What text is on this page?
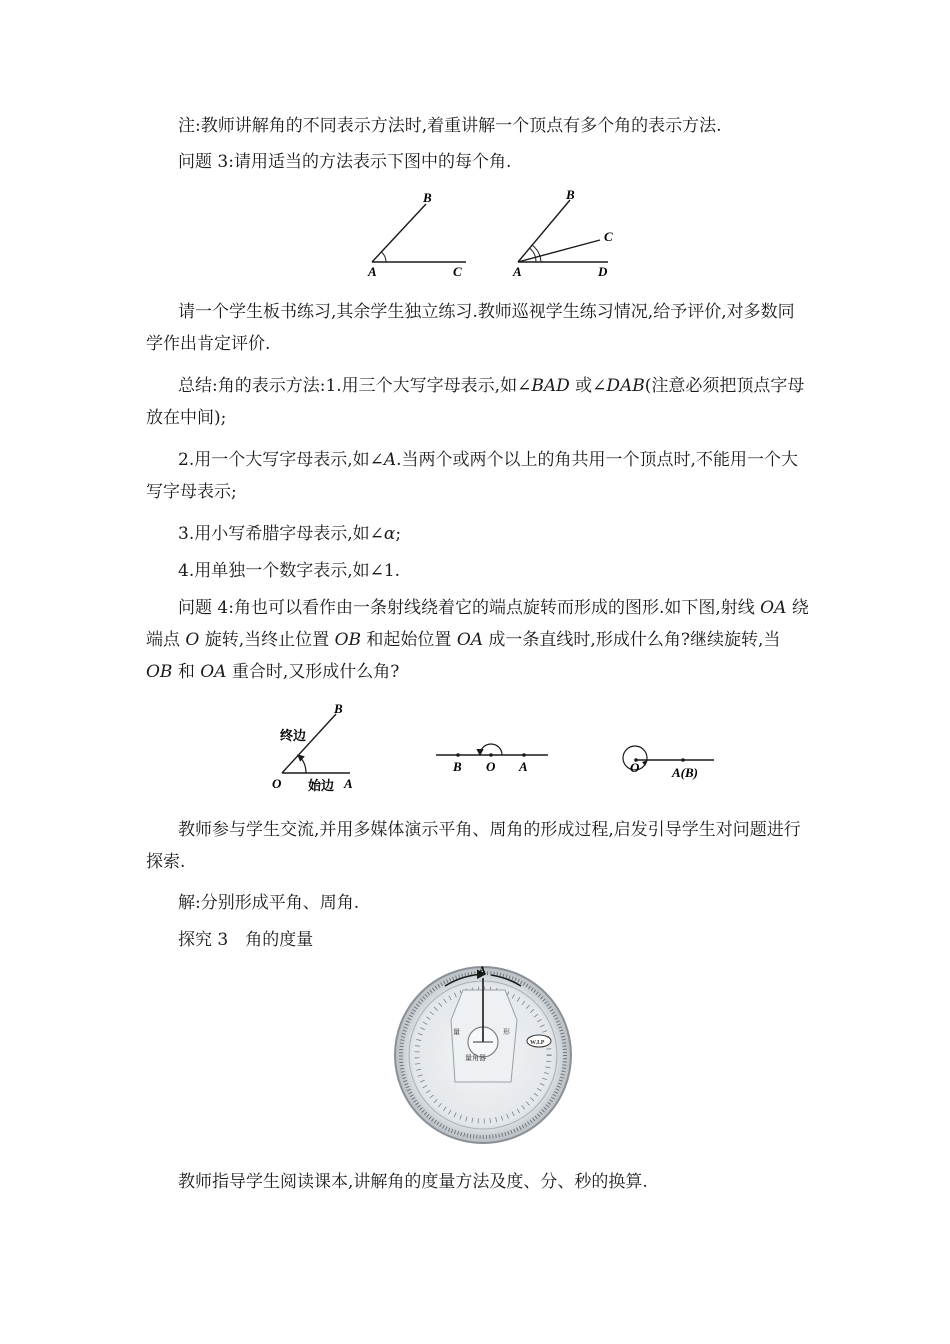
注:教师讲解角的不同表示方法时,着重讲解一个顶点有多个角的表示方法.

问题 3:请用适当的方法表示下图中的每个角.

B
A	C
B
C
A	D

请一个学生板书练习,其余学生独立练习.教师巡视学生练习情况,给予评价,对多数同学作出肯定评价.

总结:角的表示方法:1.用三个大写字母表示,如∠BAD 或∠DAB(注意必须把顶点字母放在中间);

2.用一个大写字母表示,如∠A.当两个或两个以上的角共用一个顶点时,不能用一个大写字母表示;

3.用小写希腊字母表示,如∠α;

4.用单独一个数字表示,如∠1.

问题 4:角也可以看作由一条射线绕着它的端点旋转而形成的图形.如下图,射线 OA 绕端点 O 旋转,当终止位置 OB 和起始位置 OA 成一条直线时,形成什么角?继续旋转,当 OB 和 OA 重合时,又形成什么角?

B
终边
O 始边 A
B O A	O	A(B)

教师参与学生交流,并用多媒体演示平角、周角的形成过程,启发引导学生对问题进行探索.

解:分别形成平角、周角.

探究 3　角的度量

A
量	形
量角器
W.I.P

教师指导学生阅读课本,讲解角的度量方法及度、分、秒的换算.
